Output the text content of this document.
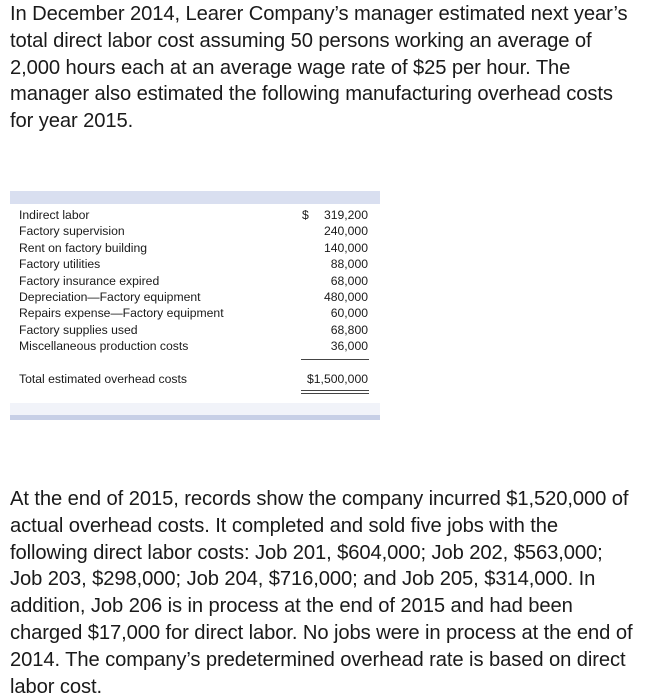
In December 2014, Learer Company’s manager estimated next year’s total direct labor cost assuming 50 persons working an average of 2,000 hours each at an average wage rate of $25 per hour. The manager also estimated the following manufacturing overhead costs for year 2015.

Indirect labor	$ 319,200
Factory supervision	240,000
Rent on factory building	140,000
Factory utilities	88,000
Factory insurance expired	68,000
Depreciation—Factory equipment	480,000
Repairs expense—Factory equipment	60,000
Factory supplies used	68,800
Miscellaneous production costs	36,000
Total estimated overhead costs	$1,500,000

At the end of 2015, records show the company incurred $1,520,000 of actual overhead costs. It completed and sold five jobs with the following direct labor costs: Job 201, $604,000; Job 202, $563,000; Job 203, $298,000; Job 204, $716,000; and Job 205, $314,000. In addition, Job 206 is in process at the end of 2015 and had been charged $17,000 for direct labor. No jobs were in process at the end of 2014. The company’s predetermined overhead rate is based on direct labor cost.
